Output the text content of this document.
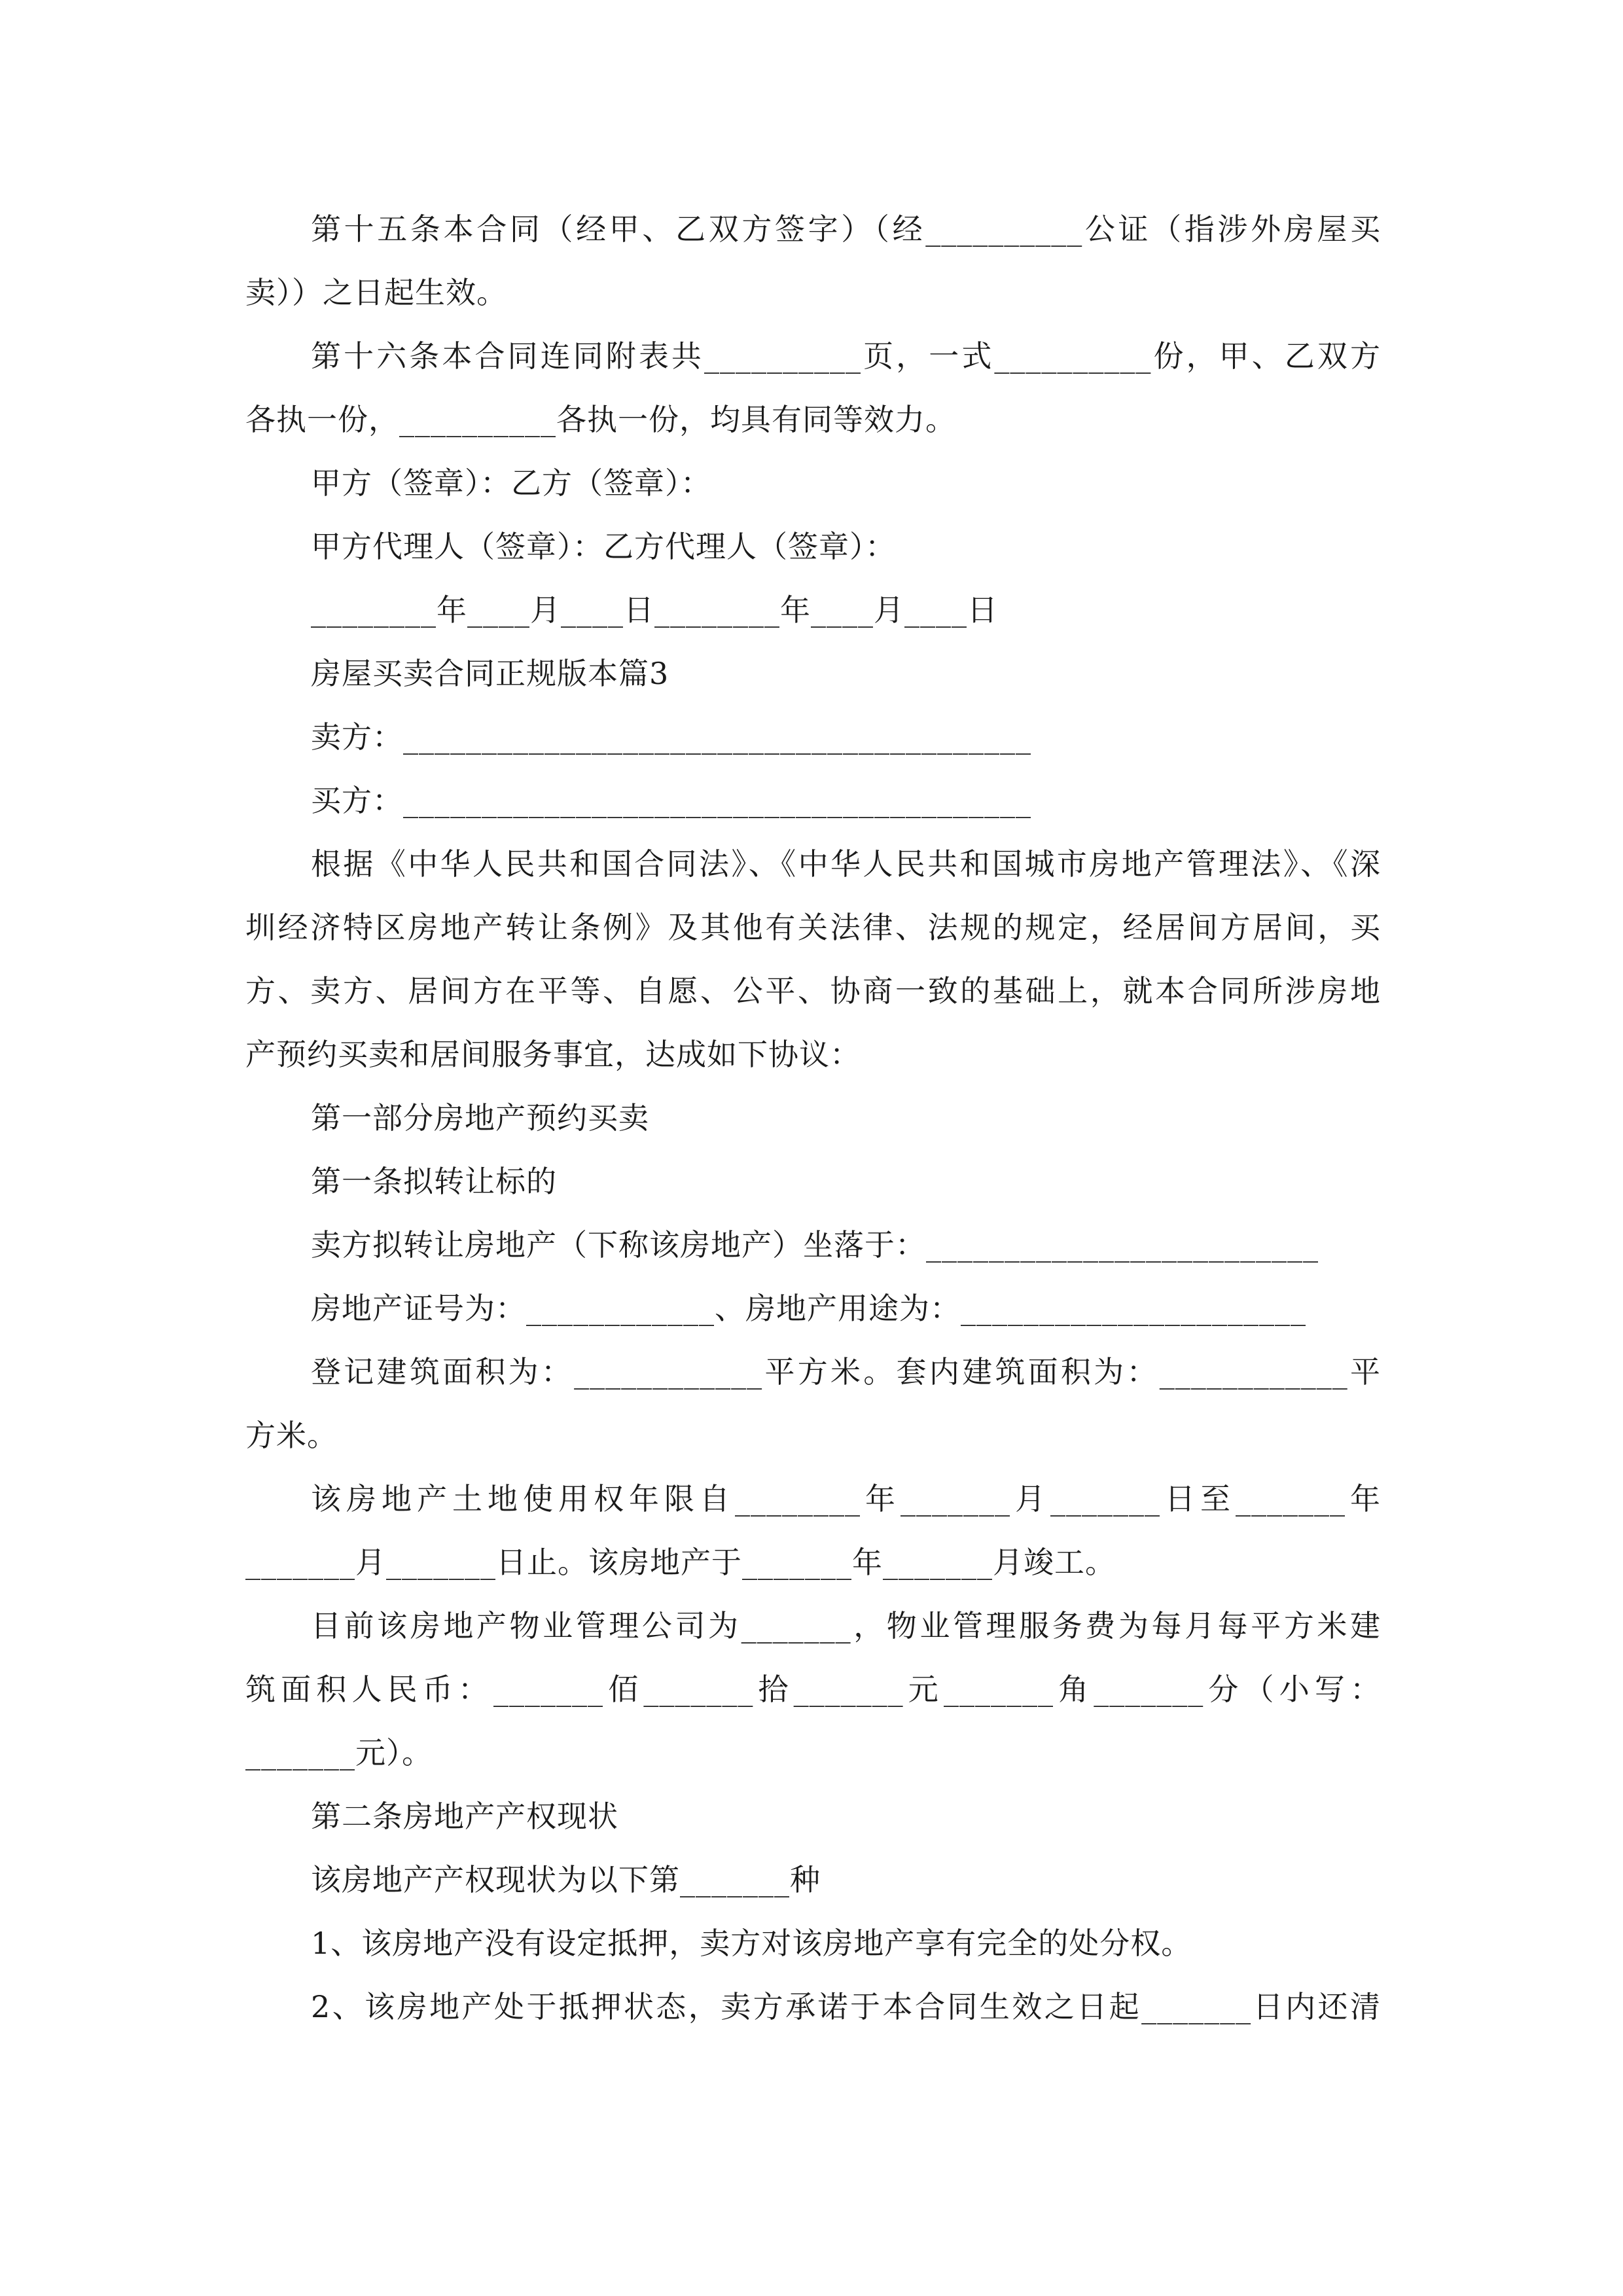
第十五条本合同（经甲、乙双方签字）（经__________公证（指涉外房屋买
卖））之日起生效。
第十六条本合同连同附表共__________页，一式__________份，甲、乙双方
各执一份，__________各执一份，均具有同等效力。
甲方（签章）：乙方（签章）：
甲方代理人（签章）：乙方代理人（签章）：
________年____月____日________年____月____日
房屋买卖合同正规版本篇3
卖方：________________________________________
买方：________________________________________
根据《中华人民共和国合同法》、《中华人民共和国城市房地产管理法》、《深
圳经济特区房地产转让条例》及其他有关法律、法规的规定，经居间方居间，买
方、卖方、居间方在平等、自愿、公平、协商一致的基础上，就本合同所涉房地
产预约买卖和居间服务事宜，达成如下协议：
第一部分房地产预约买卖
第一条拟转让标的
卖方拟转让房地产（下称该房地产）坐落于：_________________________
房地产证号为：____________、房地产用途为：______________________
登记建筑面积为：____________平方米。套内建筑面积为：____________平
方米。
该房地产土地使用权年限自________年_______月_______日至_______年
_______月_______日止。该房地产于_______年_______月竣工。
目前该房地产物业管理公司为_______，物业管理服务费为每月每平方米建
筑面积人民币：_______佰_______拾_______元_______角_______分（小写：
_______元）。
第二条房地产产权现状
该房地产产权现状为以下第_______种
1、该房地产没有设定抵押，卖方对该房地产享有完全的处分权。
2、该房地产处于抵押状态，卖方承诺于本合同生效之日起_______日内还清
